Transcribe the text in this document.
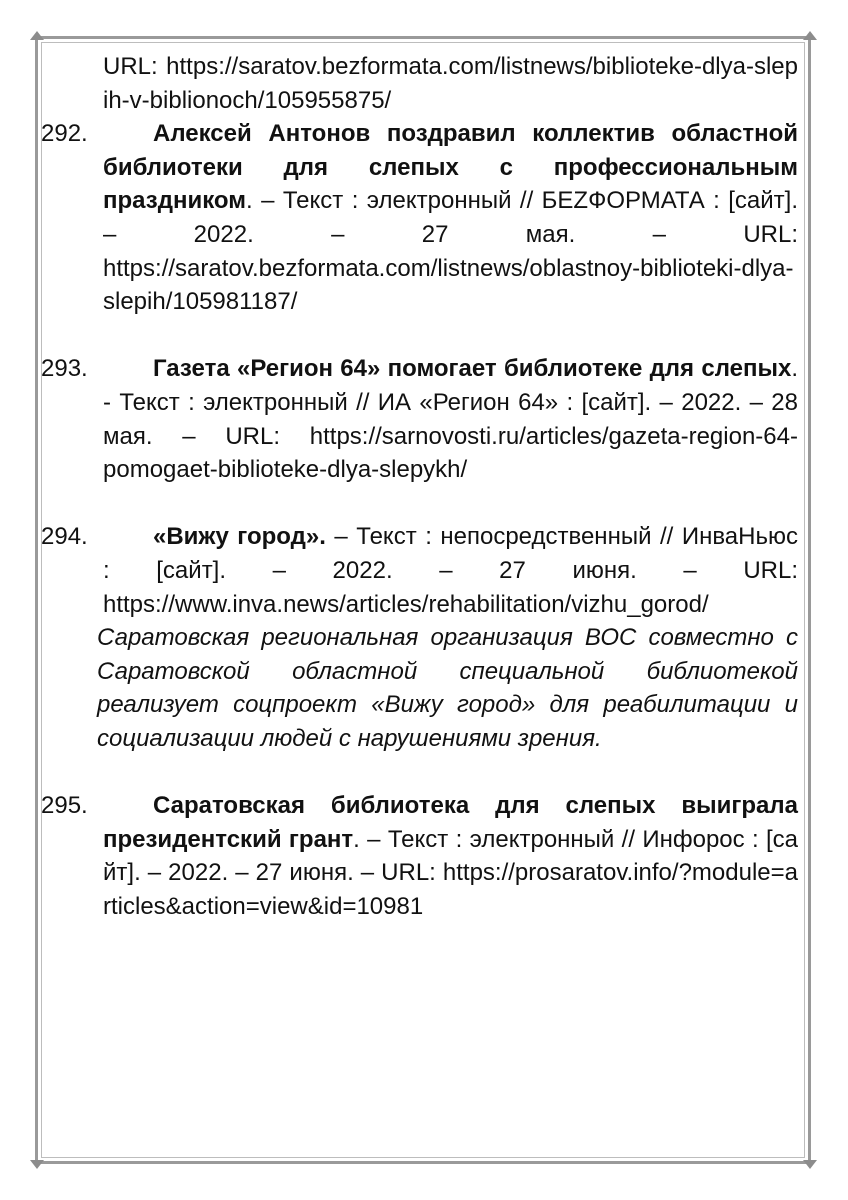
URL: https://saratov.bezformata.com/listnews/biblioteke-dlya-slepih-v-biblionoch/105955875/
292.	Алексей Антонов поздравил коллектив областной библиотеки для слепых с профессиональным праздником. – Текст : электронный // БЕZФОРМАТА : [сайт]. – 2022. – 27 мая. – URL: https://saratov.bezformata.com/listnews/oblastnoy-biblioteki-dlya-slepih/105981187/
293.	Газета «Регион 64» помогает библиотеке для слепых. - Текст : электронный // ИА «Регион 64» : [сайт]. – 2022. – 28 мая. – URL: https://sarnovosti.ru/articles/gazeta-region-64-pomogaet-biblioteke-dlya-slepykh/
294.	«Вижу город». – Текст : непосредственный // ИнваНьюс : [сайт]. – 2022. – 27 июня. – URL: https://www.inva.news/articles/rehabilitation/vizhu_gorod/
Саратовская региональная организация ВОС совместно с Саратовской областной специальной библиотекой реализует соцпроект «Вижу город» для реабилитации и социализации людей с нарушениями зрения.
295.	Саратовская библиотека для слепых выиграла президентский грант. – Текст : электронный // Инфорос : [сайт]. – 2022. – 27 июня. – URL: https://prosaratov.info/?module=articles&action=view&id=10981
